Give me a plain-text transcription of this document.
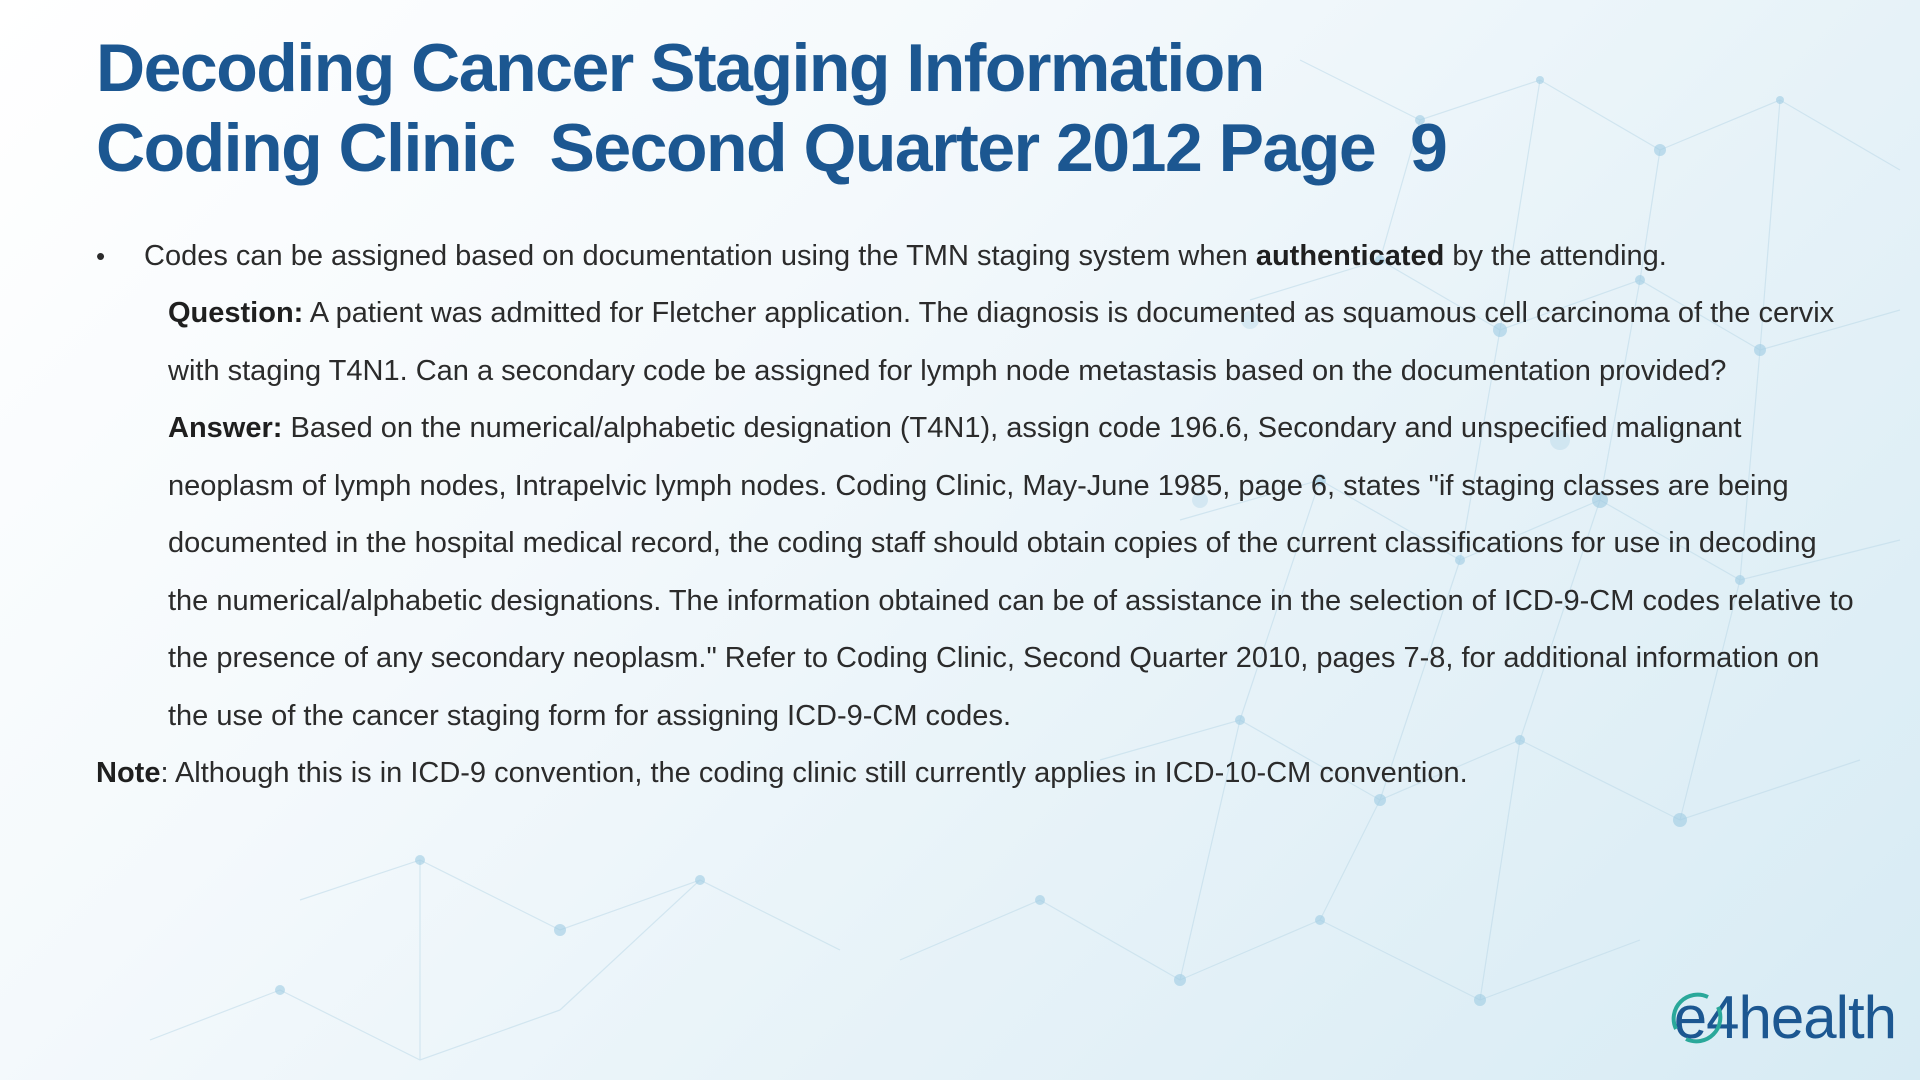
Decoding Cancer Staging Information
Coding Clinic  Second Quarter 2012 Page  9
• Codes can be assigned based on documentation using the TMN staging system when authenticated by the attending.
Question: A patient was admitted for Fletcher application. The diagnosis is documented as squamous cell carcinoma of the cervix with staging T4N1. Can a secondary code be assigned for lymph node metastasis based on the documentation provided?
Answer: Based on the numerical/alphabetic designation (T4N1), assign code 196.6, Secondary and unspecified malignant neoplasm of lymph nodes, Intrapelvic lymph nodes. Coding Clinic, May-June 1985, page 6, states "if staging classes are being documented in the hospital medical record, the coding staff should obtain copies of the current classifications for use in decoding the numerical/alphabetic designations. The information obtained can be of assistance in the selection of ICD-9-CM codes relative to the presence of any secondary neoplasm." Refer to Coding Clinic, Second Quarter 2010, pages 7-8, for additional information on the use of the cancer staging form for assigning ICD-9-CM codes.
Note: Although this is in ICD-9 convention, the coding clinic still currently applies in ICD-10-CM convention.
e 4health
